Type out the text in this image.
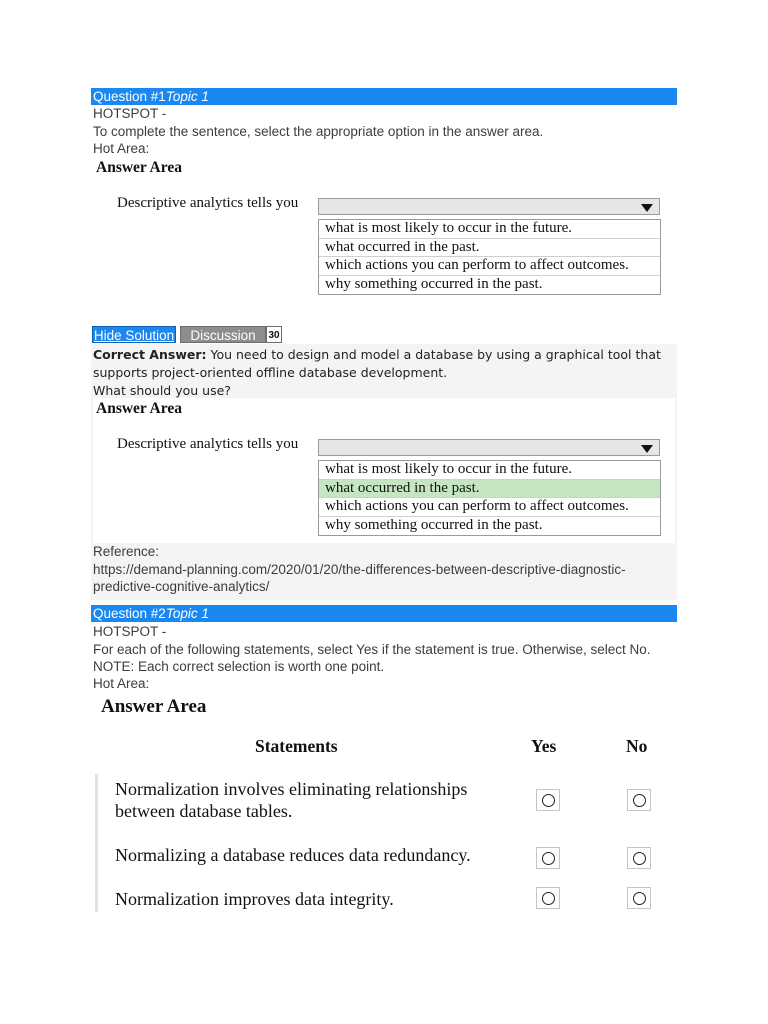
Question #1Topic 1
HOTSPOT -
To complete the sentence, select the appropriate option in the answer area.
Hot Area:
Answer Area
Descriptive analytics tells you
what is most likely to occur in the future.
what occurred in the past.
which actions you can perform to affect outcomes.
why something occurred in the past.
Hide Solution	Discussion	30
Correct Answer: You need to design and model a database by using a graphical tool that
supports project-oriented offline database development.
What should you use?
Answer Area
Descriptive analytics tells you
what is most likely to occur in the future.
what occurred in the past.
which actions you can perform to affect outcomes.
why something occurred in the past.
Reference:
https://demand-planning.com/2020/01/20/the-differences-between-descriptive-diagnostic-
predictive-cognitive-analytics/
Question #2Topic 1
HOTSPOT -
For each of the following statements, select Yes if the statement is true. Otherwise, select No.
NOTE: Each correct selection is worth one point.
Hot Area:
Answer Area
Statements	Yes	No
Normalization involves eliminating relationships
between database tables.
Normalizing a database reduces data redundancy.
Normalization improves data integrity.
